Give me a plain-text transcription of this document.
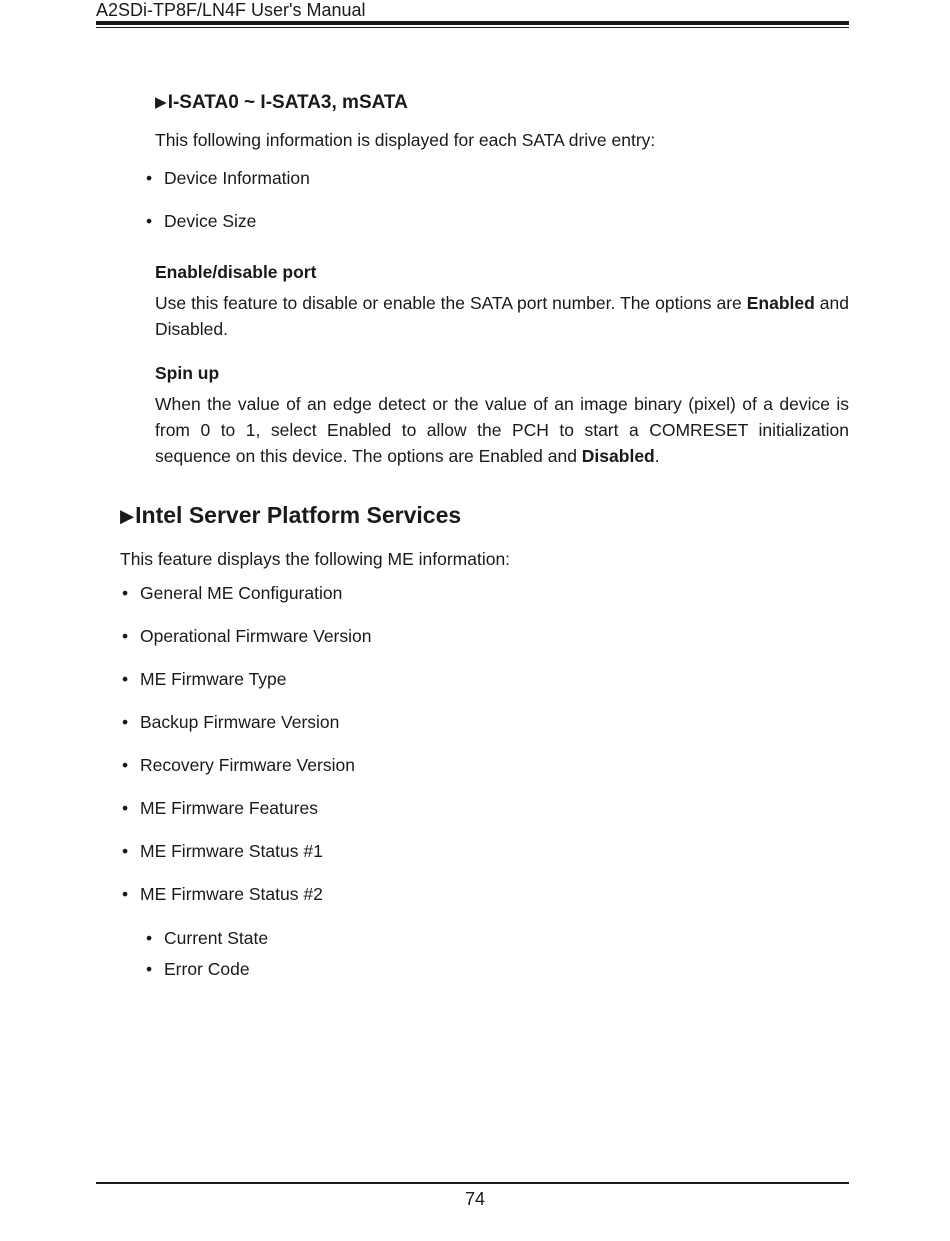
A2SDi-TP8F/LN4F User's Manual
▶I-SATA0 ~ I-SATA3, mSATA
This following information is displayed for each SATA drive entry:
• Device Information
• Device Size
Enable/disable port
Use this feature to disable or enable the SATA port number. The options are Enabled and Disabled.
Spin up
When the value of an edge detect or the value of an image binary (pixel) of a device is from 0 to 1, select Enabled to allow the PCH to start a COMRESET initialization sequence on this device. The options are Enabled and Disabled.
▶Intel Server Platform Services
This feature displays the following ME information:
• General ME Configuration
• Operational Firmware Version
• ME Firmware Type
• Backup Firmware Version
• Recovery Firmware Version
• ME Firmware Features
• ME Firmware Status #1
• ME Firmware Status #2
• Current State
• Error Code
74
